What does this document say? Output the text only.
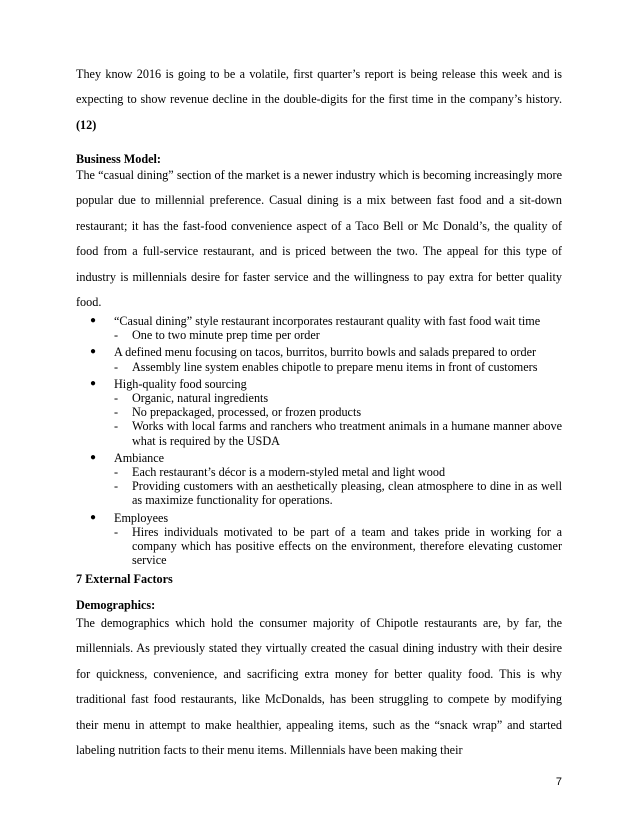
They know 2016 is going to be a volatile, first quarter’s report is being release this week and is expecting to show revenue decline in the double-digits for the first time in the company’s history. (12)

Business Model:

The “casual dining” section of the market is a newer industry which is becoming increasingly more popular due to millennial preference. Casual dining is a mix between fast food and a sit-down restaurant; it has the fast-food convenience aspect of a Taco Bell or Mc Donald’s, the quality of food from a full-service restaurant, and is priced between the two. The appeal for this type of industry is millennials desire for faster service and the willingness to pay extra for better quality food.

● “Casual dining” style restaurant incorporates restaurant quality with fast food wait time
- One to two minute prep time per order
● A defined menu focusing on tacos, burritos, burrito bowls and salads prepared to order
- Assembly line system enables chipotle to prepare menu items in front of customers
● High-quality food sourcing
- Organic, natural ingredients
- No prepackaged, processed, or frozen products
- Works with local farms and ranchers who treatment animals in a humane manner above what is required by the USDA
● Ambiance
- Each restaurant’s décor is a modern-styled metal and light wood
- Providing customers with an aesthetically pleasing, clean atmosphere to dine in as well as maximize functionality for operations.
● Employees
- Hires individuals motivated to be part of a team and takes pride in working for a company which has positive effects on the environment, therefore elevating customer service
7 External Factors
Demographics:

The demographics which hold the consumer majority of Chipotle restaurants are, by far, the millennials. As previously stated they virtually created the casual dining industry with their desire for quickness, convenience, and sacrificing extra money for better quality food. This is why traditional fast food restaurants, like McDonalds, has been struggling to compete by modifying their menu in attempt to make healthier, appealing items, such as the “snack wrap” and started labeling nutrition facts to their menu items. Millennials have been making their

7
